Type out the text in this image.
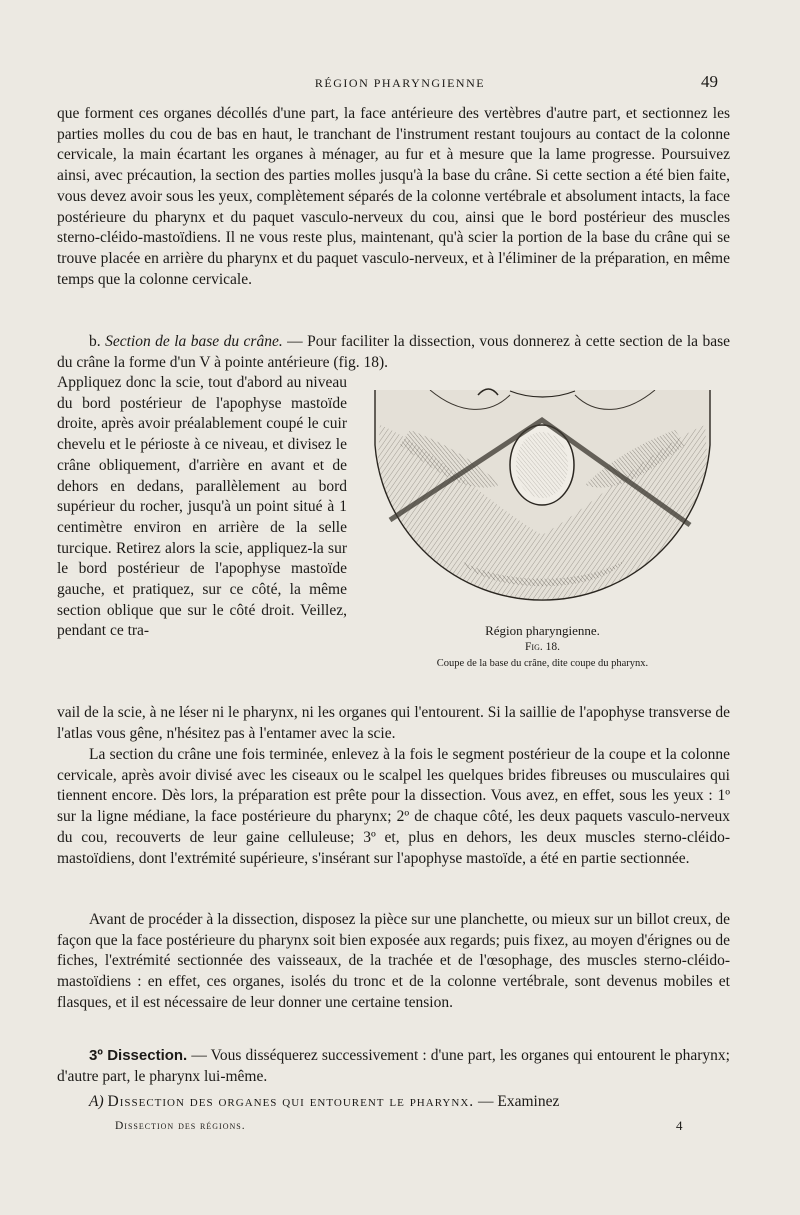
RÉGION PHARYNGIENNE	49

que forment ces organes décollés d'une part, la face antérieure des vertèbres d'autre part, et sectionnez les parties molles du cou de bas en haut, le tranchant de l'instrument restant toujours au contact de la colonne cervicale, la main écartant les organes à ménager, au fur et à mesure que la lame progresse. Poursuivez ainsi, avec précaution, la section des parties molles jusqu'à la base du crâne. Si cette section a été bien faite, vous devez avoir sous les yeux, complètement séparés de la colonne vertébrale et absolument intacts, la face postérieure du pharynx et du paquet vasculo-nerveux du cou, ainsi que le bord postérieur des muscles sterno-cléido-mastoïdiens. Il ne vous reste plus, maintenant, qu'à scier la portion de la base du crâne qui se trouve placée en arrière du pharynx et du paquet vasculo-nerveux, et à l'éliminer de la préparation, en même temps que la colonne cervicale.

b. Section de la base du crâne. — Pour faciliter la dissection, vous donnerez à cette section de la base du crâne la forme d'un V à pointe antérieure (fig. 18).

Appliquez donc la scie, tout d'abord au niveau du bord postérieur de l'apophyse mastoïde droite, après avoir préalablement coupé le cuir chevelu et le périoste à ce niveau, et divisez le crâne obliquement, d'arrière en avant et de dehors en dedans, parallèlement au bord supérieur du rocher, jusqu'à un point situé à 1 centimètre environ en arrière de la selle turcique. Retirez alors la scie, appliquez-la sur le bord postérieur de l'apophyse mastoïde gauche, et pratiquez, sur ce côté, la même section oblique que sur le côté droit. Veillez, pendant ce tra-	Région pharyngienne.
Fig. 18.
Coupe de la base du crâne, dite coupe du pharynx.

vail de la scie, à ne léser ni le pharynx, ni les organes qui l'entourent. Si la saillie de l'apophyse transverse de l'atlas vous gêne, n'hésitez pas à l'entamer avec la scie.

La section du crâne une fois terminée, enlevez à la fois le segment postérieur de la coupe et la colonne cervicale, après avoir divisé avec les ciseaux ou le scalpel les quelques brides fibreuses ou musculaires qui tiennent encore. Dès lors, la préparation est prête pour la dissection. Vous avez, en effet, sous les yeux : 1º sur la ligne médiane, la face postérieure du pharynx; 2º de chaque côté, les deux paquets vasculo-nerveux du cou, recouverts de leur gaine celluleuse; 3º et, plus en dehors, les deux muscles sterno-cléido-mastoïdiens, dont l'extrémité supérieure, s'insérant sur l'apophyse mastoïde, a été en partie sectionnée.

Avant de procéder à la dissection, disposez la pièce sur une planchette, ou mieux sur un billot creux, de façon que la face postérieure du pharynx soit bien exposée aux regards; puis fixez, au moyen d'érignes ou de fiches, l'extrémité sectionnée des vaisseaux, de la trachée et de l'œsophage, des muscles sterno-cléido-mastoïdiens : en effet, ces organes, isolés du tronc et de la colonne vertébrale, sont devenus mobiles et flasques, et il est nécessaire de leur donner une certaine tension.

3º Dissection. — Vous disséquerez successivement : d'une part, les organes qui entourent le pharynx; d'autre part, le pharynx lui-même.

A) Dissection des organes qui entourent le pharynx. — Examinez

Dissection des régions.	4
